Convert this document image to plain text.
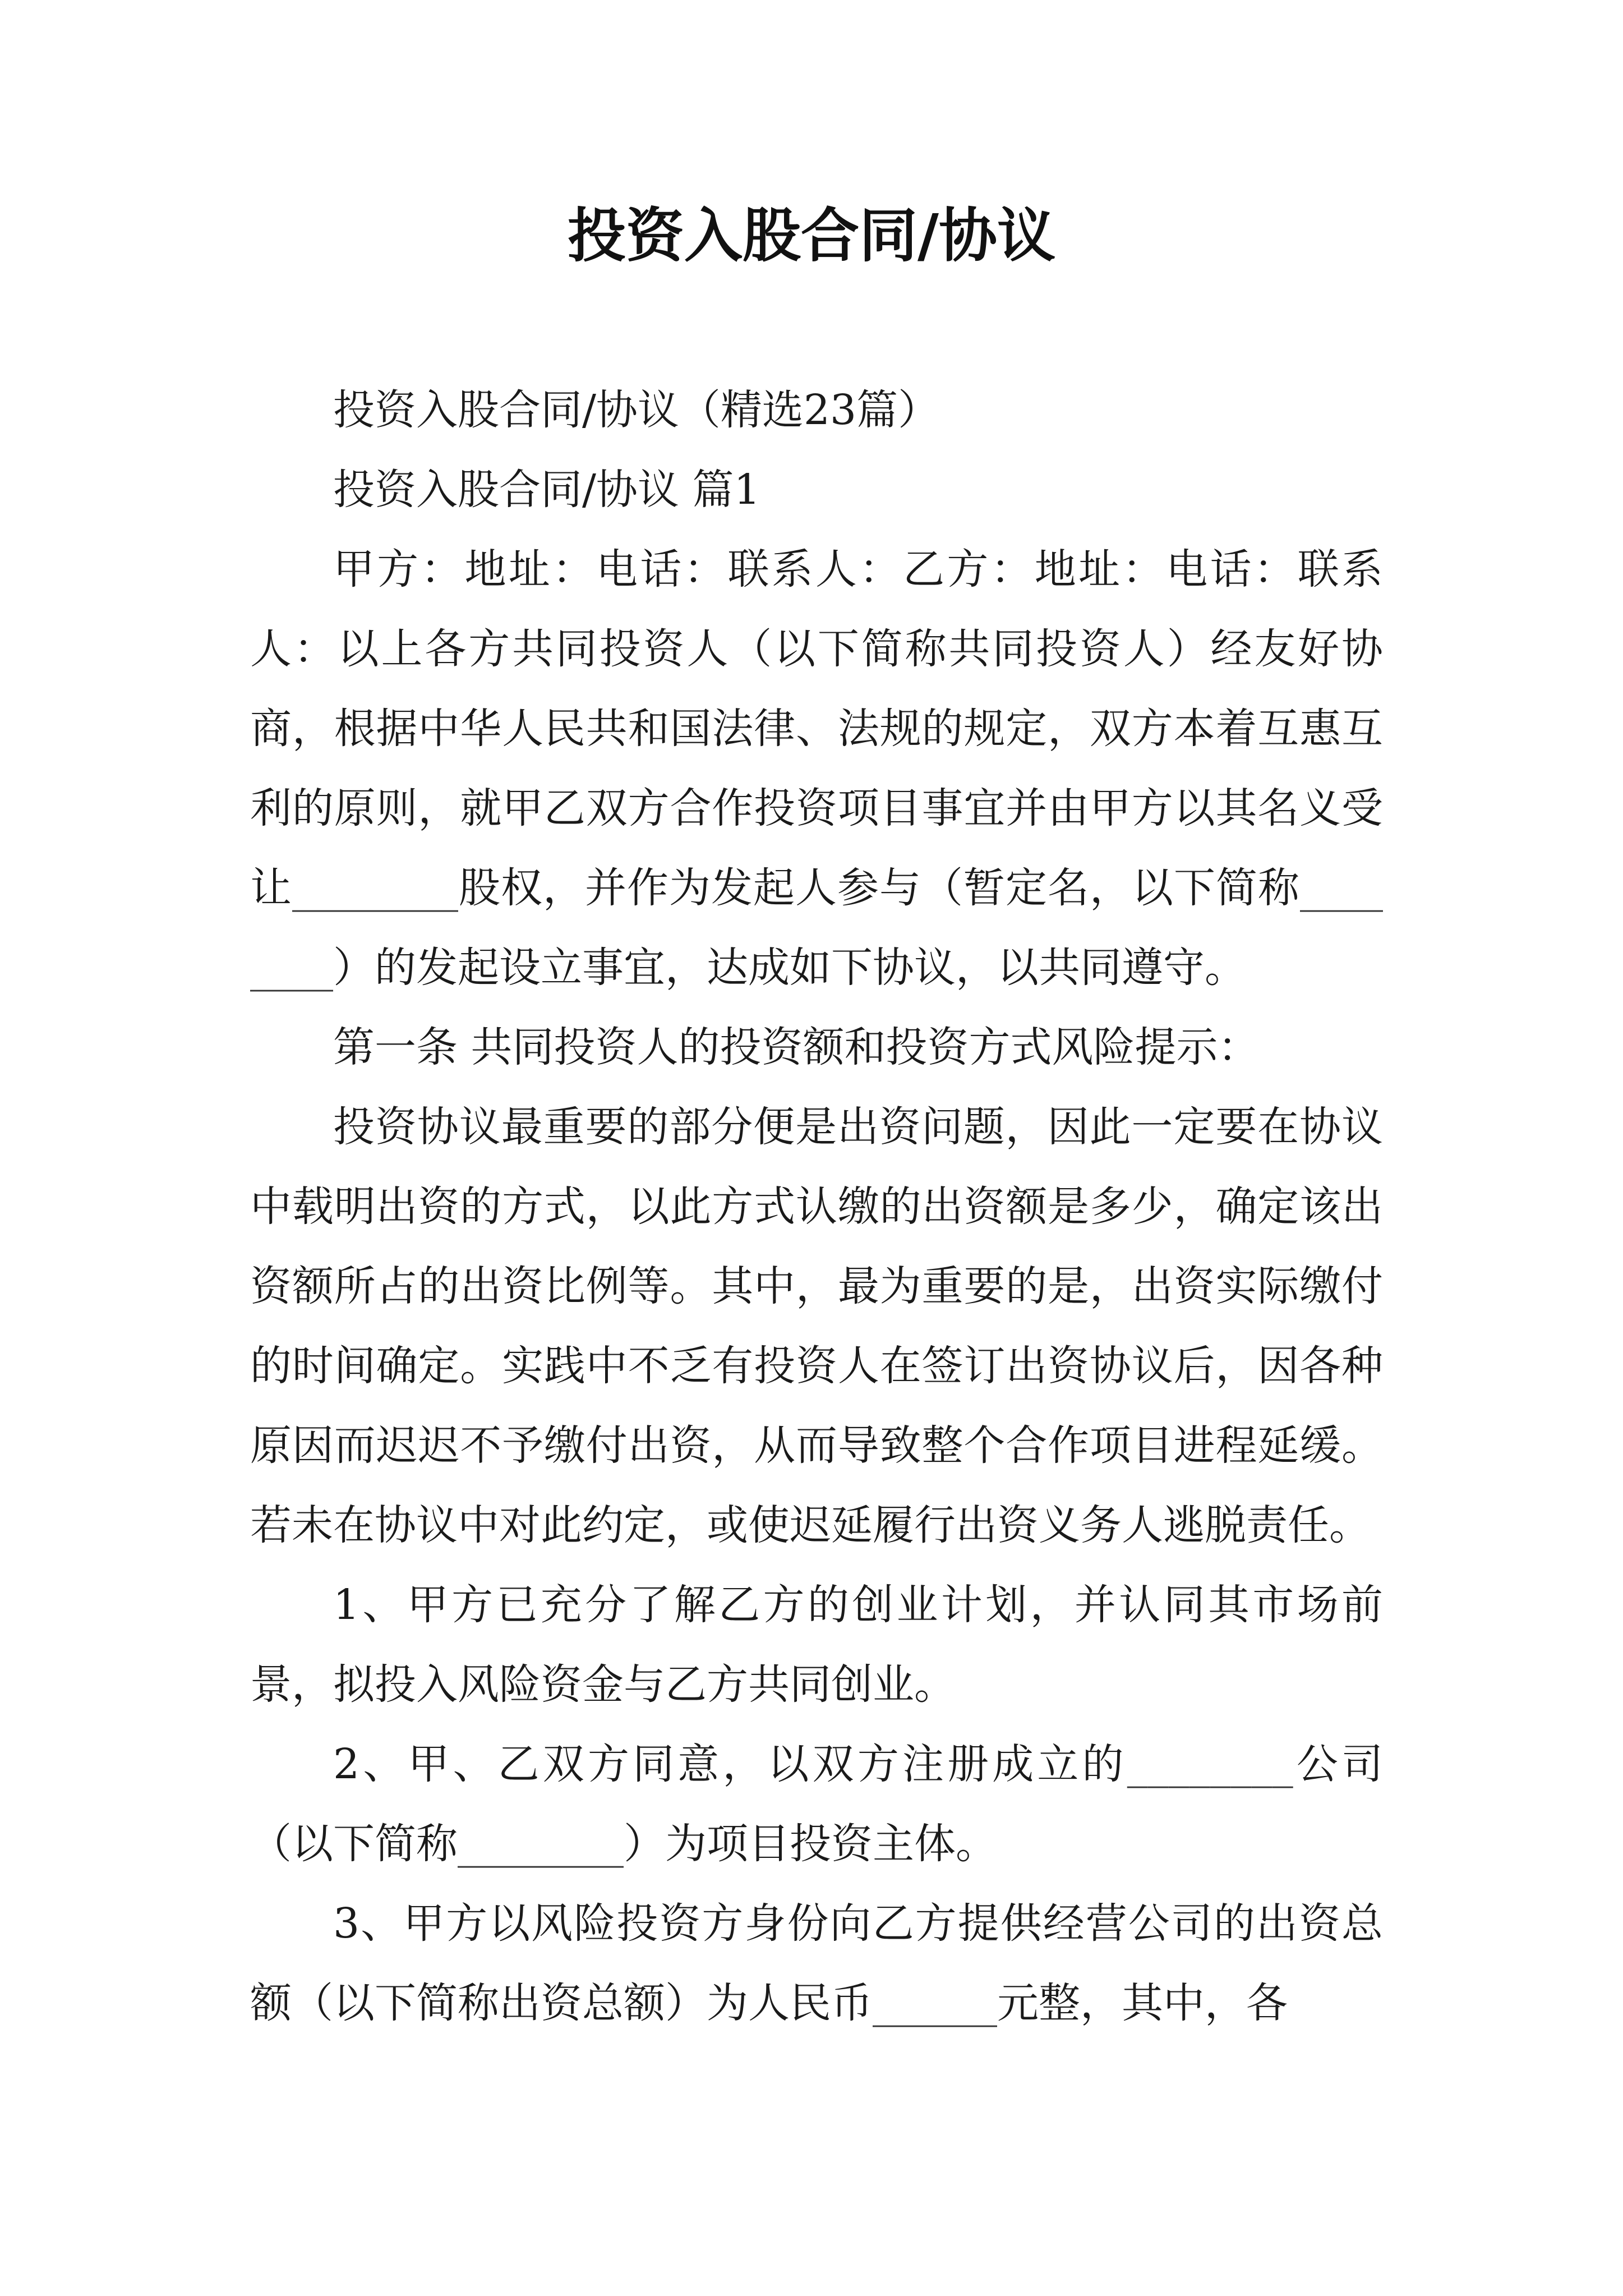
投资入股合同/协议

投资入股合同/协议（精选23篇）

投资入股合同/协议 篇1

甲方：地址：电话：联系人：乙方：地址：电话：联系人：以上各方共同投资人（以下简称共同投资人）经友好协商，根据中华人民共和国法律、法规的规定，双方本着互惠互利的原则，就甲乙双方合作投资项目事宜并由甲方以其名义受让________股权，并作为发起人参与（暂定名，以下简称________）的发起设立事宜，达成如下协议，以共同遵守。

第一条 共同投资人的投资额和投资方式风险提示：

投资协议最重要的部分便是出资问题，因此一定要在协议中载明出资的方式，以此方式认缴的出资额是多少，确定该出资额所占的出资比例等。其中，最为重要的是，出资实际缴付的时间确定。实践中不乏有投资人在签订出资协议后，因各种原因而迟迟不予缴付出资，从而导致整个合作项目进程延缓。若未在协议中对此约定，或使迟延履行出资义务人逃脱责任。

1、甲方已充分了解乙方的创业计划，并认同其市场前景，拟投入风险资金与乙方共同创业。

2、甲、乙双方同意，以双方注册成立的________公司（以下简称________）为项目投资主体。

3、甲方以风险投资方身份向乙方提供经营公司的出资总额（以下简称出资总额）为人民币______元整，其中，各
